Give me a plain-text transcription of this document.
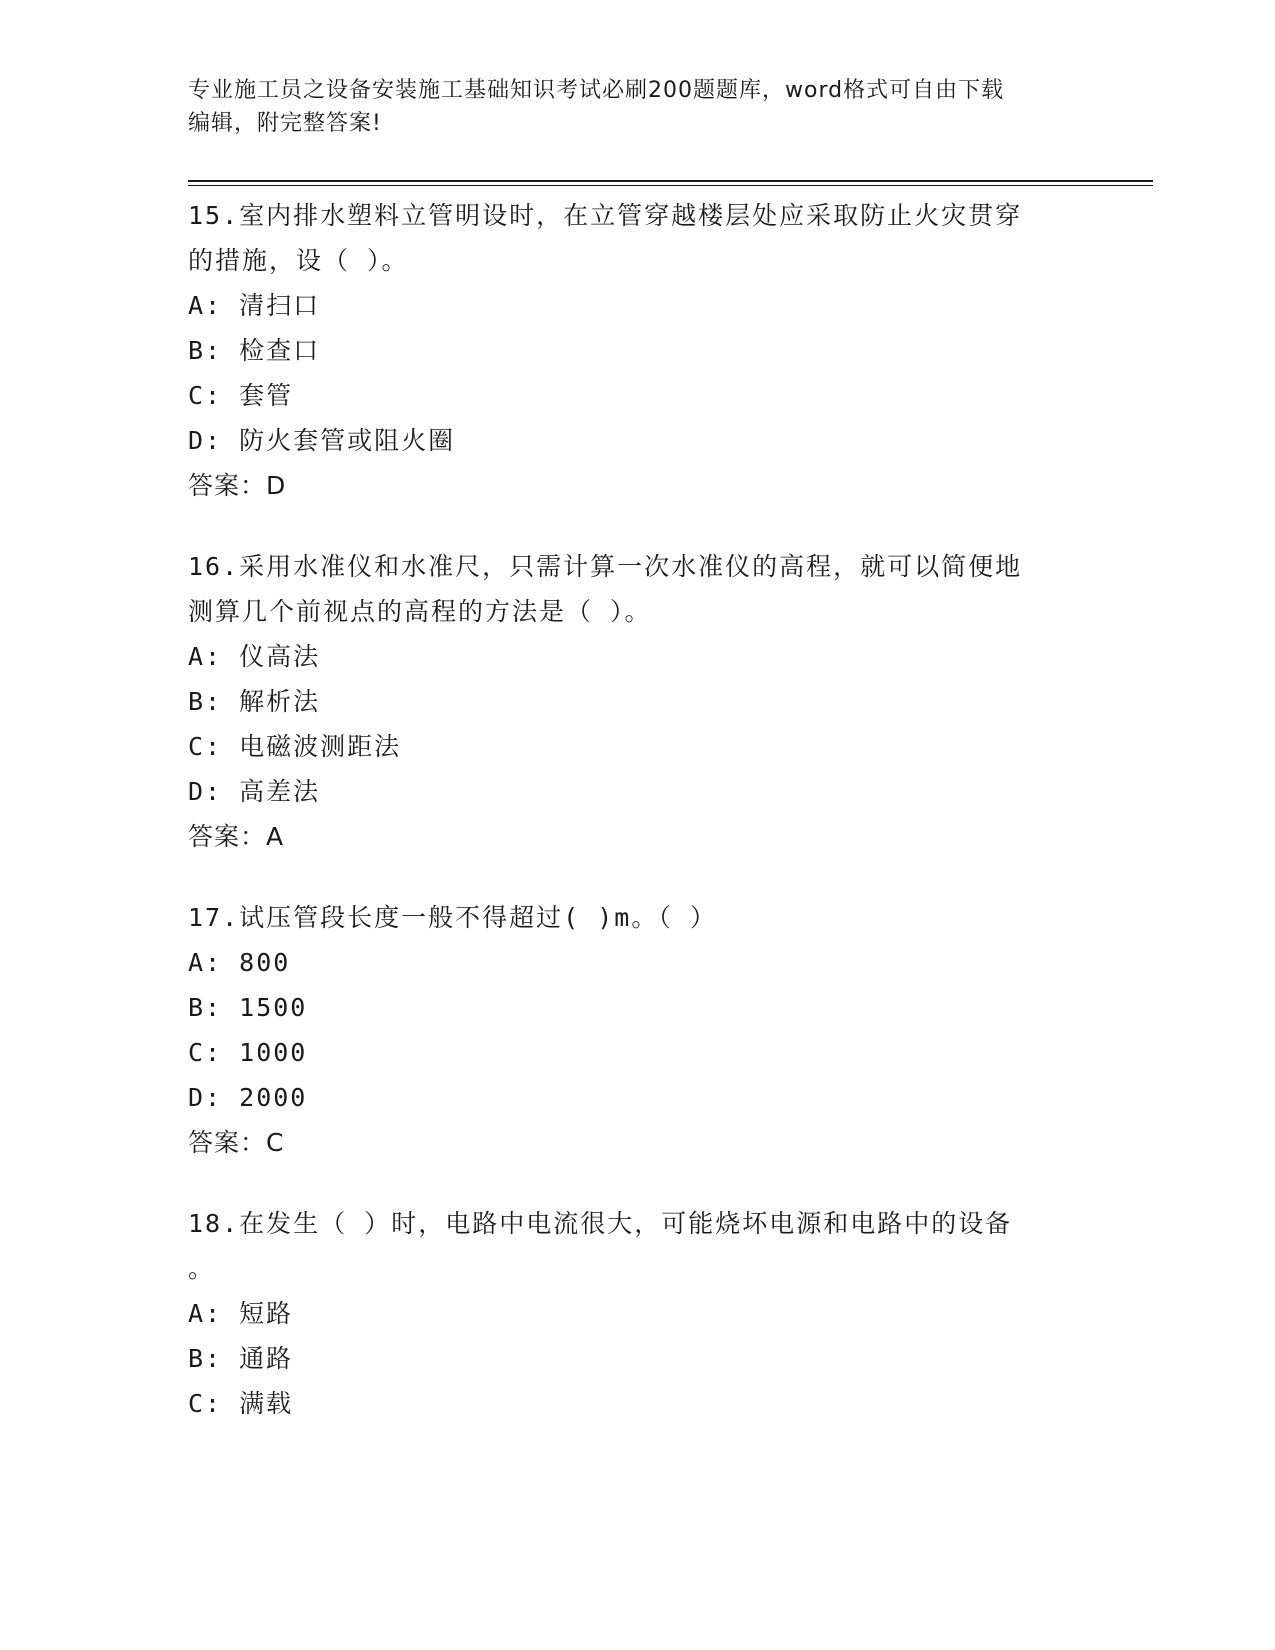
专业施工员之设备安装施工基础知识考试必刷200题题库，word格式可自由下载
编辑，附完整答案!
15.室内排水塑料立管明设时，在立管穿越楼层处应采取防止火灾贯穿
的措施，设（ ）。
A: 清扫口
B: 检查口
C: 套管
D: 防火套管或阻火圈
答案：D
16.采用水准仪和水准尺，只需计算一次水准仪的高程，就可以简便地
测算几个前视点的高程的方法是（ ）。
A: 仪高法
B: 解析法
C: 电磁波测距法
D: 高差法
答案：A
17.试压管段长度一般不得超过( )m。（ ）
A: 800
B: 1500
C: 1000
D: 2000
答案：C
18.在发生（ ）时，电路中电流很大，可能烧坏电源和电路中的设备
。
A: 短路
B: 通路
C: 满载
